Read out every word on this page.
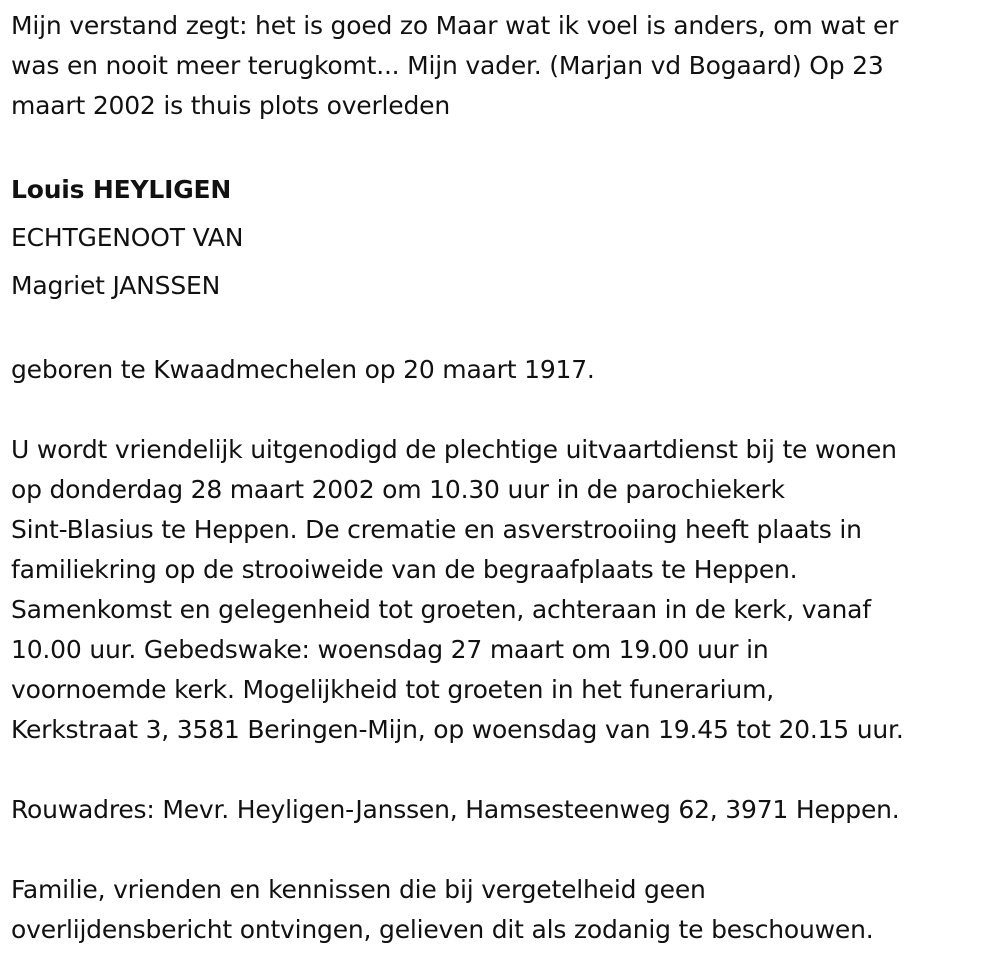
Mijn verstand zegt: het is goed zo Maar wat ik voel is anders, om wat er
was en nooit meer terugkomt... Mijn vader. (Marjan vd Bogaard) Op 23
maart 2002 is thuis plots overleden

Louis HEYLIGEN
ECHTGENOOT VAN
Magriet JANSSEN

geboren te Kwaadmechelen op 20 maart 1917.

U wordt vriendelijk uitgenodigd de plechtige uitvaartdienst bij te wonen
op donderdag 28 maart 2002 om 10.30 uur in de parochiekerk
Sint-Blasius te Heppen. De crematie en asverstrooiing heeft plaats in
familiekring op de strooiweide van de begraafplaats te Heppen.
Samenkomst en gelegenheid tot groeten, achteraan in de kerk, vanaf
10.00 uur. Gebedswake: woensdag 27 maart om 19.00 uur in
voornoemde kerk. Mogelijkheid tot groeten in het funerarium,
Kerkstraat 3, 3581 Beringen-Mijn, op woensdag van 19.45 tot 20.15 uur.

Rouwadres: Mevr. Heyligen-Janssen, Hamsesteenweg 62, 3971 Heppen.

Familie, vrienden en kennissen die bij vergetelheid geen
overlijdensbericht ontvingen, gelieven dit als zodanig te beschouwen.
